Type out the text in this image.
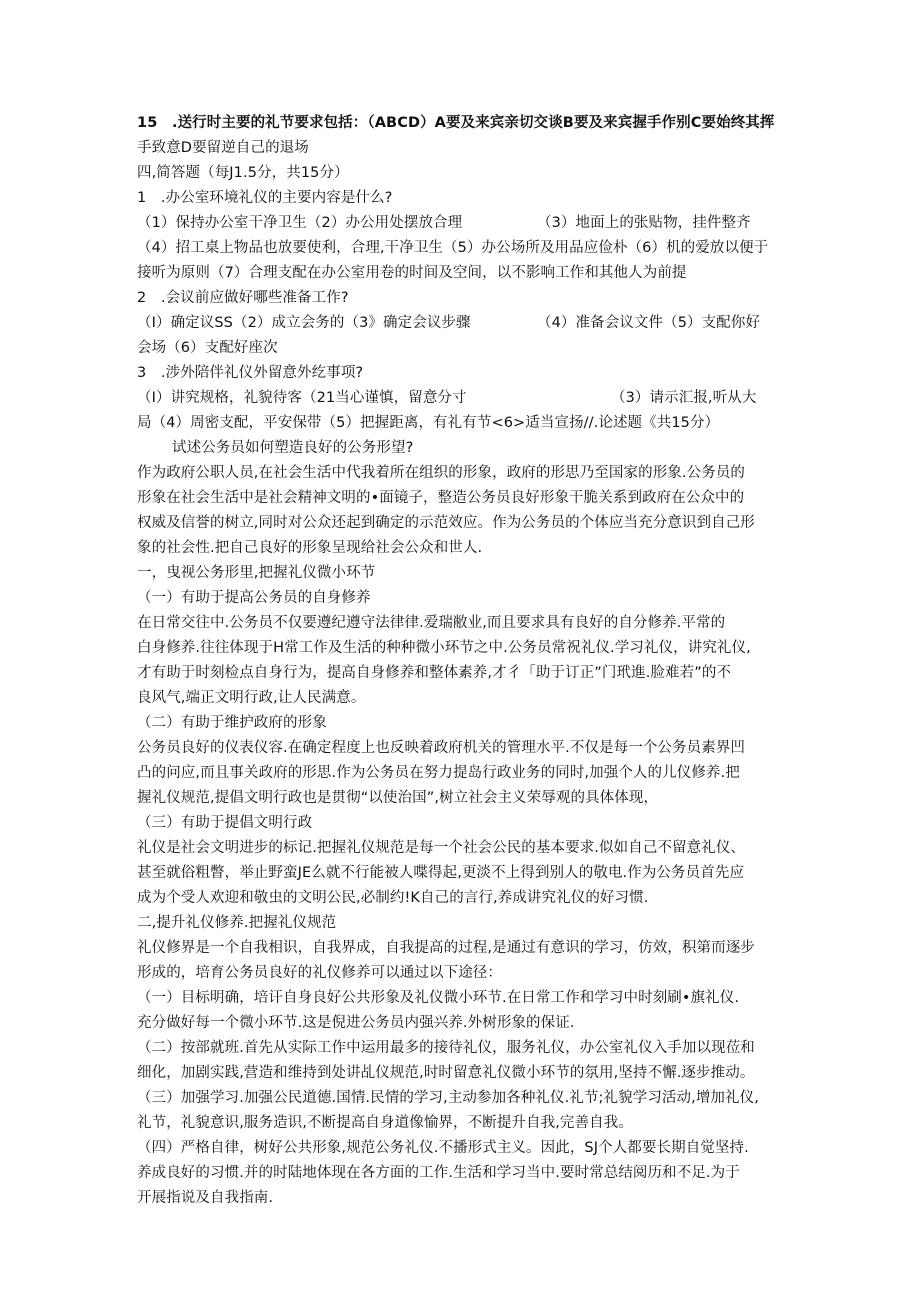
15　.送行时主要的礼节要求包括：（ABCD）A要及来宾亲切交谈B要及来宾握手作别C要始终其挥
手致意D要留逆自己的退场
四,简答题（每J1.5分，共15分）
1　.办公室环境礼仪的主要内容是什么?
（1）保持办公室干净卫生（2）办公用处摆放合理	（3）地面上的张贴物，挂件整齐
（4）招工桌上物品也放要使利，合理,干净卫生（5）办公场所及用品应俭朴（6）机的爱放以便于
接听为原则（7）合理支配在办公室用卷的时间及空间，以不影响工作和其他人为前提
2　.会议前应做好哪些准备工作?
（I）确定议SS（2）成立会务的（3》确定会议步骤	（4）准备会议文件（5）支配你好
会场（6）支配好座次
3　.涉外陪伴礼仪外留意外纥事项?
（I）讲究规格，礼貌待客（21当心谨慎，留意分寸	（3）请示汇报,听从大
局（4）周密支配，平安保带（5）把握距离，有礼有节<6>适当宣扬//.论述题《共15分）
试述公务员如何塑造良好的公务形望?
作为政府公职人员,在社会生活中代我着所在组织的形象，政府的形思乃至国家的形象.公务员的
形象在社会生活中是社会精神文明的•面镜子，整造公务员良好形象干脆关系到政府在公众中的
权威及信誉的树立,同时对公众还起到确定的示范效应。作为公务员的个体应当充分意识到自己形
象的社会性.把自己良好的形象呈现给社会公众和世人.
一，曳视公务形里,把握礼仪微小环节
（一）有助于提高公务员的自身修养
在日常交往中.公务员不仅要遵纪遵守法律律.爱瑞敝业,而且要求具有良好的自分修养.平常的
白身修养.往往体现于H常工作及生活的种种微小环节之中.公务员常祝礼仪.学习礼仪，讲究礼仪,
才有助于时刻检点自身行为，提高自身修养和整体素养,才彳「助于订正”门玳進.脸难若”的不
良风气,端正文明行政,让人民满意。
（二）有助于维护政府的形象
公务员良好的仪表仪容.在确定程度上也反映着政府机关的管理水平.不仅是每一个公务员素界凹
凸的问应,而且事关政府的形思.作为公务员在努力提岛行政业务的同时,加强个人的儿仪修养.把
握礼仪规范,提倡文明行政也是贯彻“以使治国”,树立社会主义荣辱观的具体体现，
（三）有助于提倡文明行政
礼仪是社会文明进步的标记.把握礼仪规范是每一个社会公民的基本要求.似如自己不留意礼仪、
甚至就俗粗瞥，举止野蛮JE么就不行能被人喋得起,更淡不上得到别人的敬电.作为公务员首先应
成为个受人欢迎和敬虫的文明公民,必制约!K自己的言行,养成讲究礼仪的好习惯.
二,提升礼仪修养.把握礼仪规范
礼仪修界是一个自我相识，自我界成，自我提高的过程,是通过有意识的学习，仿效，积第而逐步
形成的，培育公务员良好的礼仪修养可以通过以下途径：
（一）目标明确，培讦自身良好公共形象及礼仪微小环节.在日常工作和学习中时刻刷•旗礼仪.
充分做好每一个微小环节.这是倪进公务员内强兴养.外树形象的保证.
（二）按部就班.首先从实际工作中运用最多的接待礼仪，服务礼仪，办公室礼仪入手加以现莅和
细化，加剧实践,营造和维持到处讲乩仪规范,时时留意礼仪微小环节的氛用,坚持不懈.逐步推动。
（三）加强学习.加强公民道德.国情.民情的学习,主动参加各种礼仪.礼节;礼貌学习活动,增加礼仪,
礼节，礼貌意识,服务造识,不断提高自身道像愉界，不断提升自我,完善自我。
（四）严格自律，树好公共形象,规范公务礼仪.不播形式主义。因此，SJ个人都要长期自觉坚持.
养成良好的习惯.并的时陆地体现在各方面的工作.生活和学习当中.要时常总结阅历和不足.为于
开展指说及自我指南.
